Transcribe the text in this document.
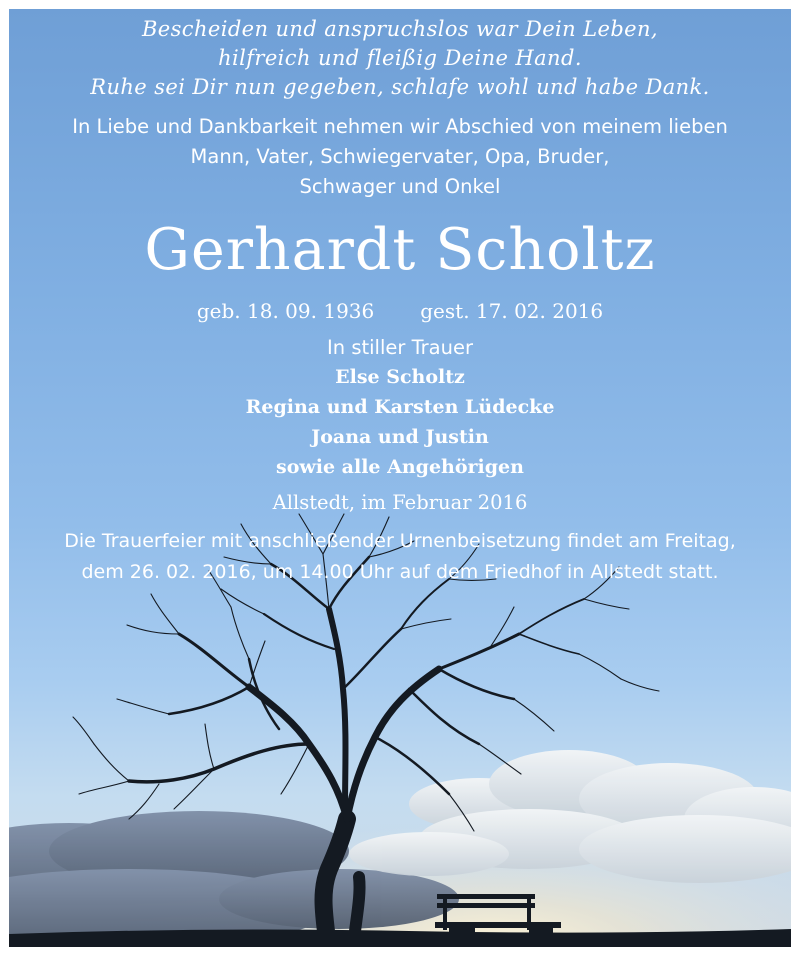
Bescheiden und anspruchslos war Dein Leben,
hilfreich und fleißig Deine Hand.
Ruhe sei Dir nun gegeben, schlafe wohl und habe Dank.
In Liebe und Dankbarkeit nehmen wir Abschied von meinem lieben
Mann, Vater, Schwiegervater, Opa, Bruder,
Schwager und Onkel
Gerhardt Scholtz
geb. 18. 09. 1936 gest. 17. 02. 2016
In stiller Trauer
Else Scholtz
Regina und Karsten Lüdecke
Joana und Justin
sowie alle Angehörigen
Allstedt, im Februar 2016
Die Trauerfeier mit anschließender Urnenbeisetzung findet am Freitag,
dem 26. 02. 2016, um 14.00 Uhr auf dem Friedhof in Allstedt statt.
